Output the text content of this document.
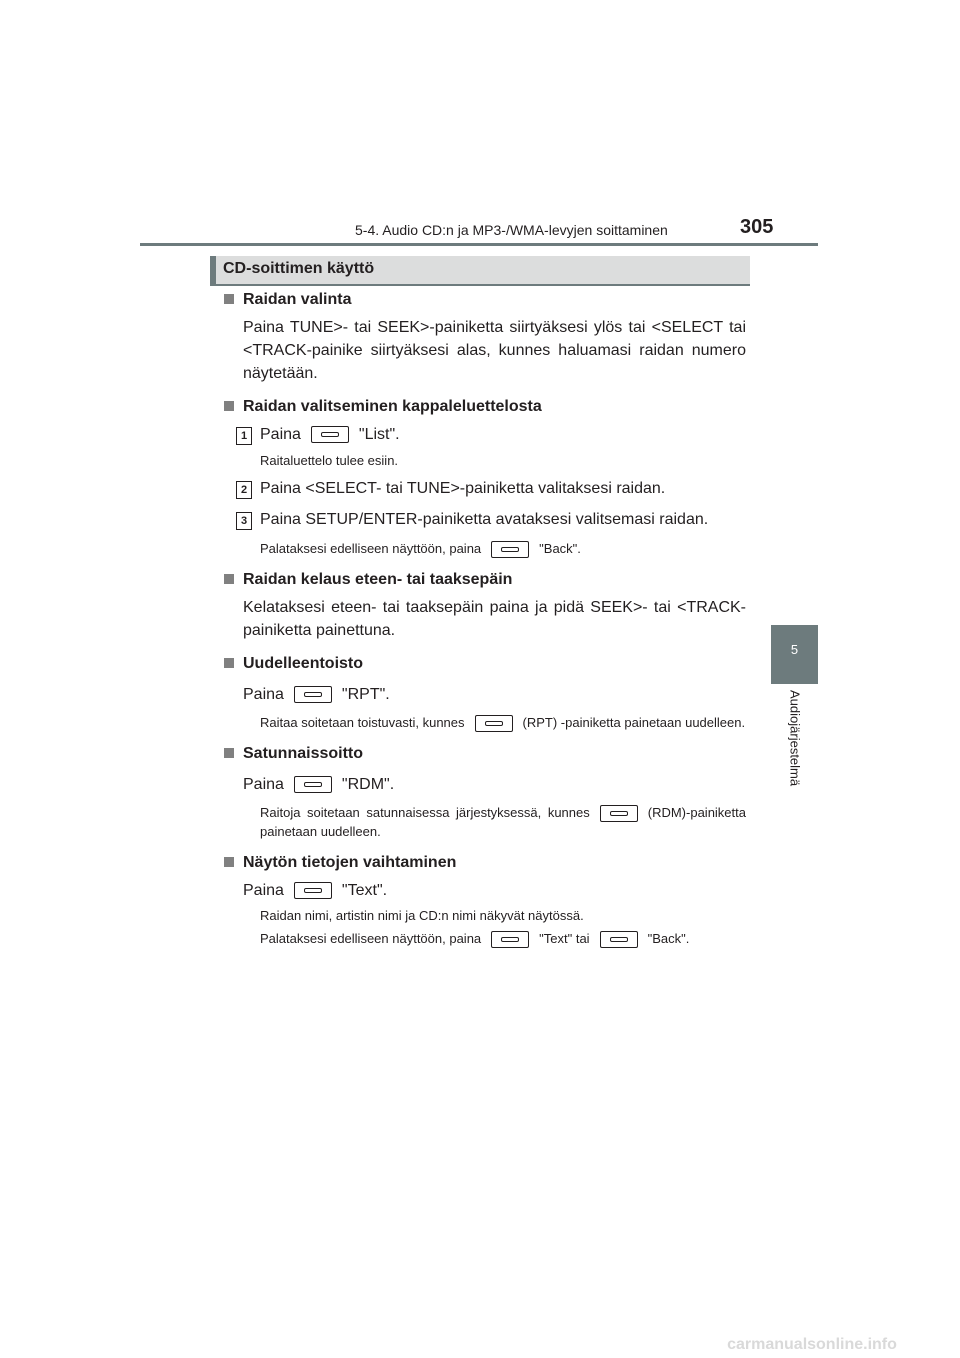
5-4. Audio CD:n ja MP3-/WMA-levyjen soittaminen	305
5
Audiojärjestelmä
CD-soittimen käyttö
Raidan valinta
Paina TUNE>- tai SEEK>-painiketta siirtyäksesi ylös tai <SELECT tai <TRACK-painike siirtyäksesi alas, kunnes haluamasi raidan numero näytetään.
Raidan valitseminen kappaleluettelosta
1 Paina	"List".
Raitaluettelo tulee esiin.
2 Paina <SELECT- tai TUNE>-painiketta valitaksesi raidan.
3 Paina SETUP/ENTER-painiketta avataksesi valitsemasi raidan.
Palataksesi edelliseen näyttöön, paina	"Back".
Raidan kelaus eteen- tai taaksepäin
Kelataksesi eteen- tai taaksepäin paina ja pidä SEEK>- tai <TRACK-painiketta painettuna.
Uudelleentoisto
Paina	"RPT".
Raitaa soitetaan toistuvasti, kunnes	(RPT) -painiketta painetaan uudelleen.
Satunnaissoitto
Paina	"RDM".
Raitoja soitetaan satunnaisessa järjestyksessä, kunnes	(RDM)-painiketta painetaan uudelleen.
Näytön tietojen vaihtaminen
Paina	"Text".
Raidan nimi, artistin nimi ja CD:n nimi näkyvät näytössä.
Palataksesi edelliseen näyttöön, paina	"Text" tai	"Back".
carmanualsonline.info
